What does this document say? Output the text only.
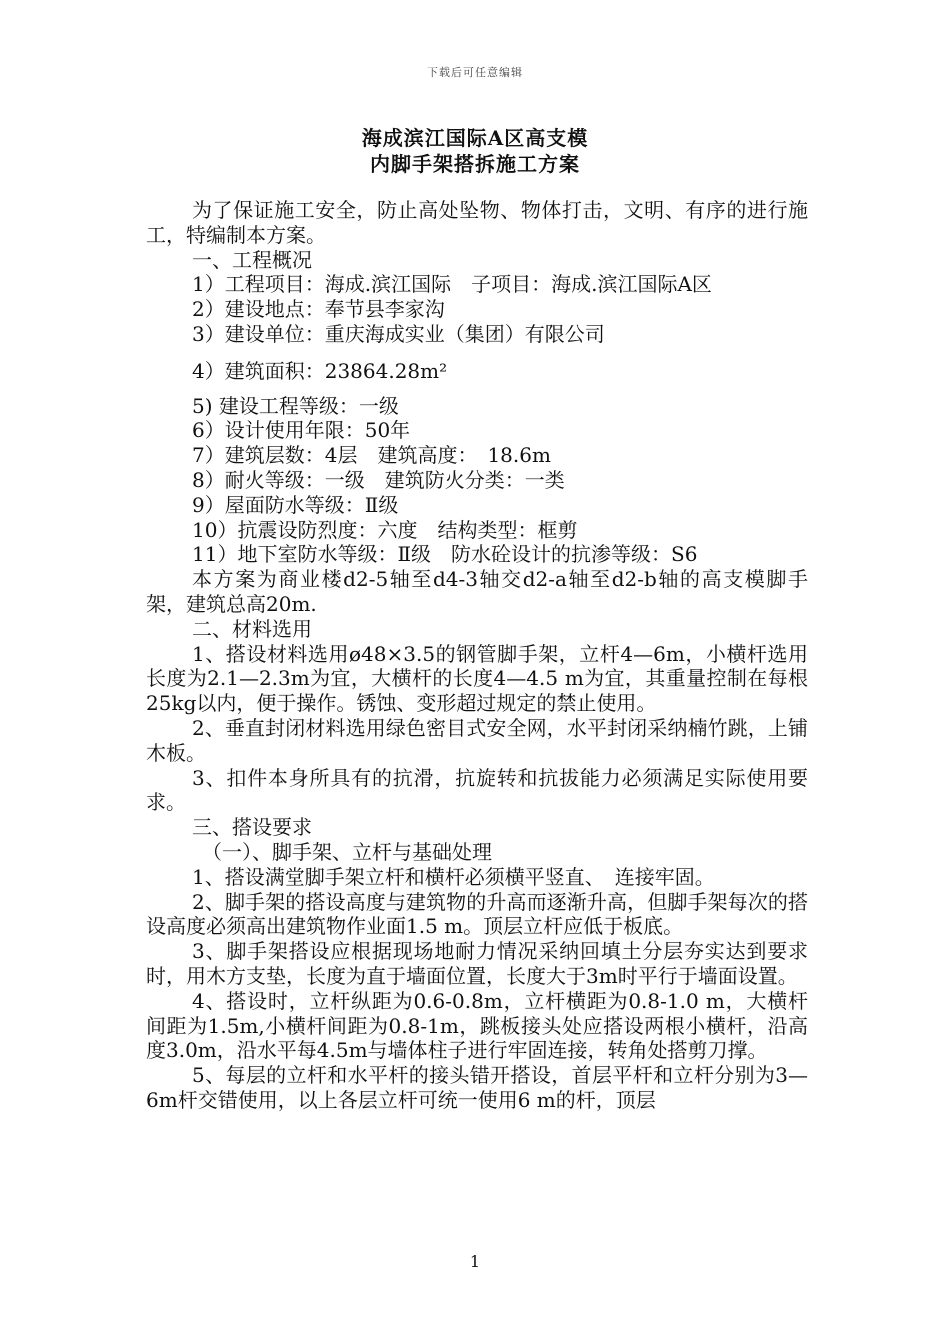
下载后可任意编辑
海成滨江国际A区高支模
内脚手架搭拆施工方案

为了保证施工安全，防止高处坠物、物体打击，文明、有序的进行施工，特编制本方案。

一、工程概况

1）工程项目：海成.滨江国际　子项目：海成.滨江国际A区

2）建设地点：奉节县李家沟

3）建设单位：重庆海成实业（集团）有限公司

4）建筑面积：23864.28m²

5) 建设工程等级：一级

6）设计使用年限：50年

7）建筑层数：4层　建筑高度：　18.6m

8）耐火等级：一级　建筑防火分类：一类

9）屋面防水等级：Ⅱ级

10）抗震设防烈度：六度　结构类型：框剪

11）地下室防水等级：Ⅱ级　防水砼设计的抗渗等级：S6

本方案为商业楼d2-5轴至d4-3轴交d2-a轴至d2-b轴的高支模脚手架，建筑总高20m.

二、材料选用

1、搭设材料选用ø48×3.5的钢管脚手架，立杆4—6m，小横杆选用长度为2.1—2.3m为宜，大横杆的长度4—4.5 m为宜，其重量控制在每根25kg以内，便于操作。锈蚀、变形超过规定的禁止使用。

2、垂直封闭材料选用绿色密目式安全网，水平封闭采纳楠竹跳，上铺木板。

3、扣件本身所具有的抗滑，抗旋转和抗拔能力必须满足实际使用要求。

三、搭设要求

（一）、脚手架、立杆与基础处理

1、搭设满堂脚手架立杆和横杆必须横平竖直、　连接牢固。

2、脚手架的搭设高度与建筑物的升高而逐渐升高，但脚手架每次的搭设高度必须高出建筑物作业面1.5 m。顶层立杆应低于板底。

3、脚手架搭设应根据现场地耐力情况采纳回填土分层夯实达到要求时，用木方支垫，长度为直于墙面位置，长度大于3m时平行于墙面设置。

4、搭设时，立杆纵距为0.6-0.8m，立杆横距为0.8-1.0 m，大横杆间距为1.5m,小横杆间距为0.8-1m，跳板接头处应搭设两根小横杆，沿高度3.0m，沿水平每4.5m与墙体柱子进行牢固连接，转角处搭剪刀撑。

5、每层的立杆和水平杆的接头错开搭设，首层平杆和立杆分别为3—6m杆交错使用，以上各层立杆可统一使用6 m的杆，顶层

1
